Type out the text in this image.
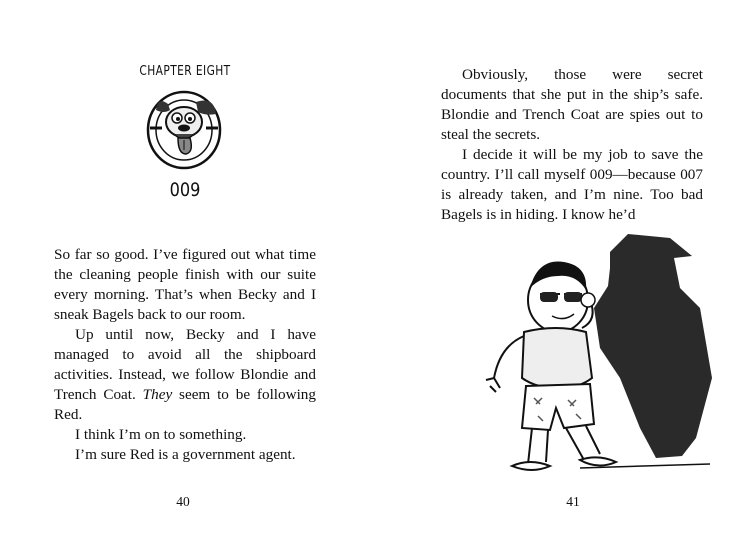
CHAPTER EIGHT
009

So far so good. I’ve figured out what time the cleaning people finish with our suite every morning. That’s when Becky and I sneak Bagels back to our room.

Up until now, Becky and I have managed to avoid all the shipboard activities. Instead, we follow Blondie and Trench Coat. They seem to be following Red.

I think I’m on to something.

I’m sure Red is a government agent.

40	41

Obviously, those were secret documents that she put in the ship’s safe. Blondie and Trench Coat are spies out to steal the secrets.

I decide it will be my job to save the country. I’ll call myself 009—because 007 is already taken, and I’m nine. Too bad Bagels is in hiding. I know he’d
